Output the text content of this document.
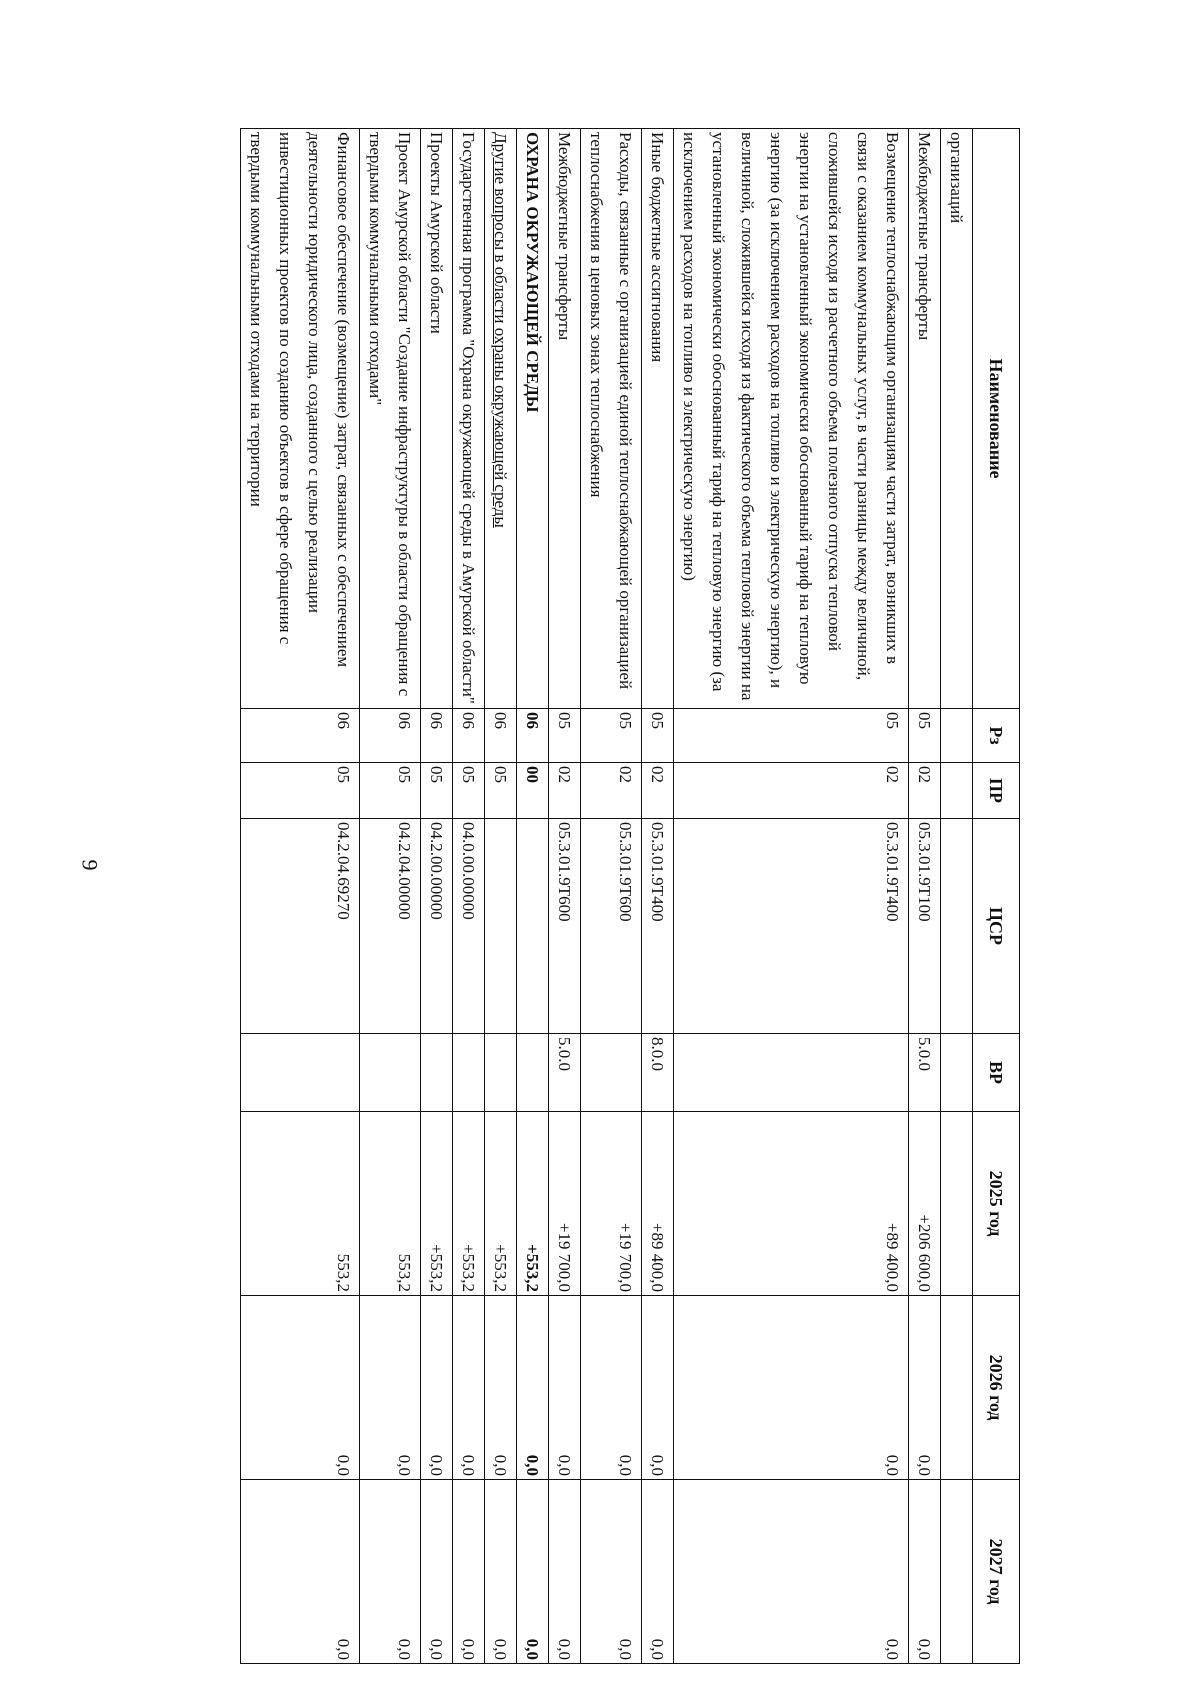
9
Наименование	Рз	ПР	ЦСР	ВР	2025 год	2026 год	2027 год
организаций							
Межбюджетные трансферты	05	02	05.3.01.9Т100	5.0.0	+206 600,0	0,0	0,0
Возмещение теплоснабжающим организациям части затрат, возникших в связи с оказанием коммунальных услуг, в части разницы между величиной, сложившейся исходя из расчетного объема полезного отпуска тепловой энергии на установленный экономически обоснованный тариф на тепловую энергию (за исключением расходов на топливо и электрическую энергию), и величиной, сложившейся исходя из фактического объема тепловой энергии на установленный экономически обоснованный тариф на тепловую энергию (за исключением расходов на топливо и электрическую энергию)	05	02	05.3.01.9Т400		+89 400,0	0,0	0,0
Иные бюджетные ассигнования	05	02	05.3.01.9Т400	8.0.0	+89 400,0	0,0	0,0
Расходы, связанные с организацией единой теплоснабжающей организацией теплоснабжения в ценовых зонах теплоснабжения	05	02	05.3.01.9Т600		+19 700,0	0,0	0,0
Межбюджетные трансферты	05	02	05.3.01.9Т600	5.0.0	+19 700,0	0,0	0,0
ОХРАНА ОКРУЖАЮЩЕЙ СРЕДЫ	06	00			+553,2	0,0	0,0
Другие вопросы в области охраны окружающей среды	06	05			+553,2	0,0	0,0
Государственная программа "Охрана окружающей среды в Амурской области"	06	05	04.0.00.00000		+553,2	0,0	0,0
Проекты Амурской области	06	05	04.2.00.00000		+553,2	0,0	0,0
Проект Амурской области "Создание инфраструктуры в области обращения с твердыми коммунальными отходами"	06	05	04.2.04.00000		553,2	0,0	0,0
Финансовое обеспечение (возмещение) затрат, связанных с обеспечением деятельности юридического лица, созданного с целью реализации инвестиционных проектов по созданию объектов в сфере обращения с твердыми коммунальными отходами на территории	06	05	04.2.04.69270		553,2	0,0	0,0
